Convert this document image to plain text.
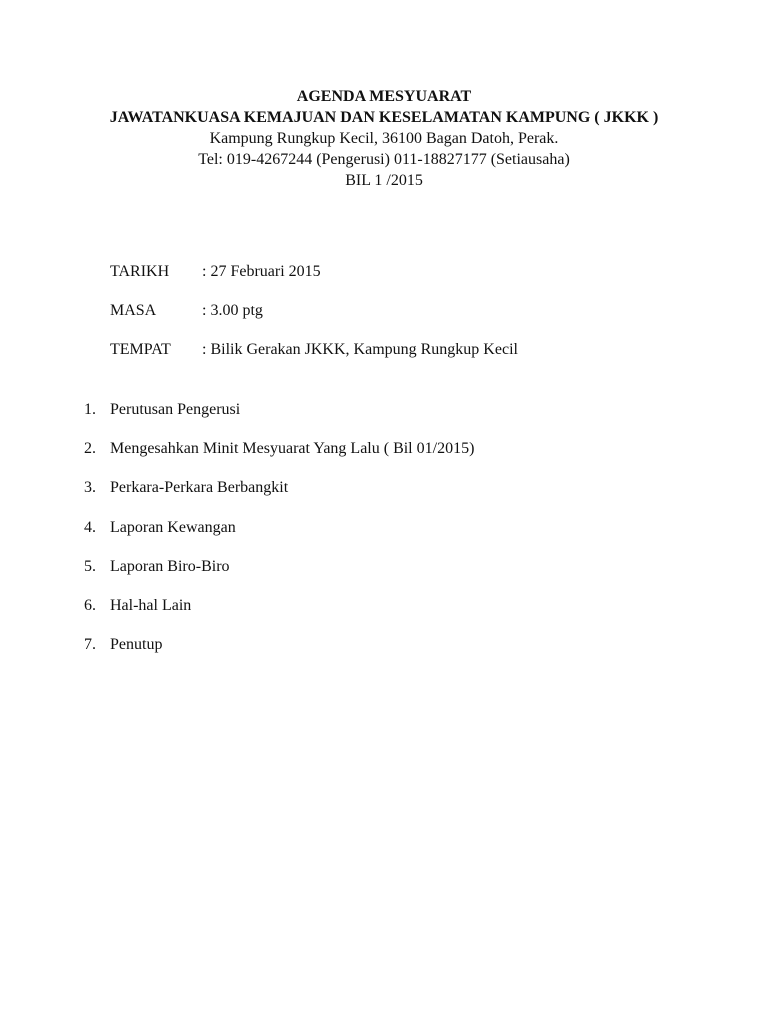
AGENDA MESYUARAT
JAWATANKUASA KEMAJUAN DAN KESELAMATAN KAMPUNG ( JKKK )
Kampung Rungkup Kecil, 36100 Bagan Datoh, Perak.
Tel: 019-4267244 (Pengerusi) 011-18827177 (Setiausaha)
BIL 1 /2015
TARIKH : 27 Februari 2015
MASA	: 3.00 ptg
TEMPAT : Bilik Gerakan JKKK, Kampung Rungkup Kecil
1. Perutusan Pengerusi
2. Mengesahkan Minit Mesyuarat Yang Lalu ( Bil 01/2015)
3. Perkara-Perkara Berbangkit
4. Laporan Kewangan
5. Laporan Biro-Biro
6. Hal-hal Lain
7. Penutup
